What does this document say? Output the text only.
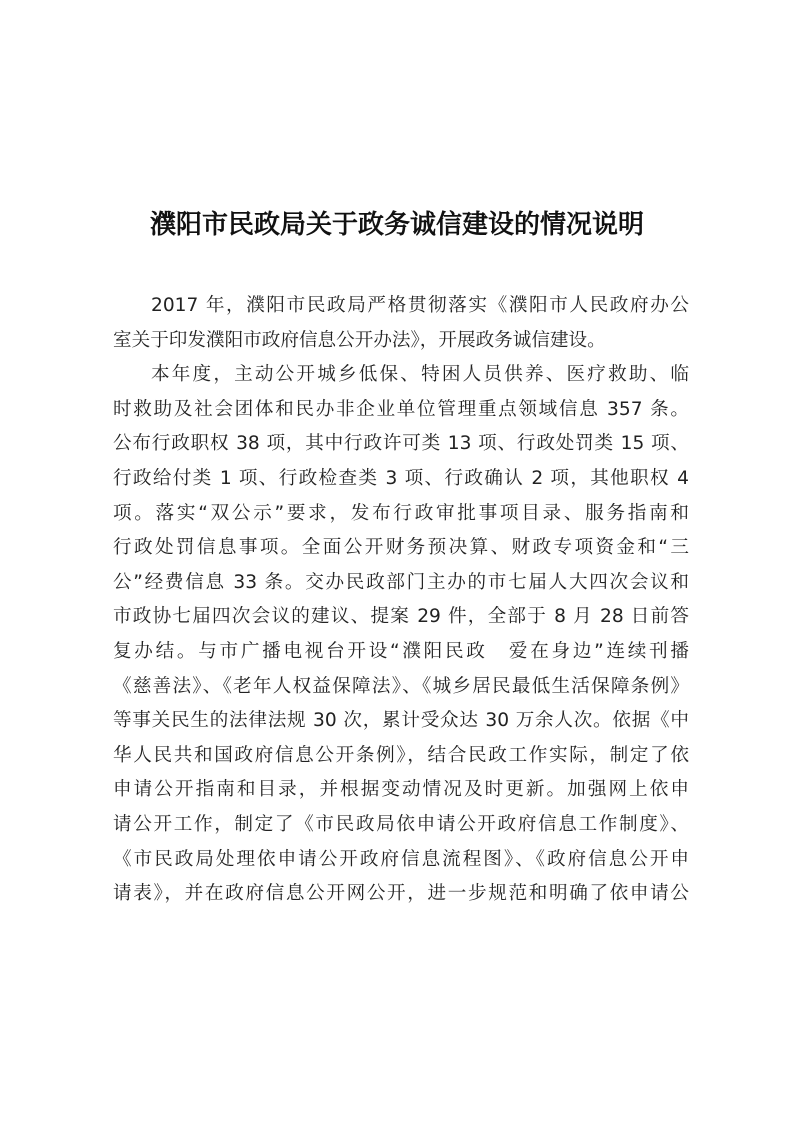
濮阳市民政局关于政务诚信建设的情况说明
2017 年，濮阳市民政局严格贯彻落实《濮阳市人民政府办公
室关于印发濮阳市政府信息公开办法》，开展政务诚信建设。
本年度，主动公开城乡低保、特困人员供养、医疗救助、临
时救助及社会团体和民办非企业单位管理重点领域信息 357 条。
公布行政职权 38 项，其中行政许可类 13 项、行政处罚类 15 项、
行政给付类 1 项、行政检查类 3 项、行政确认 2 项，其他职权 4
项。落实“双公示”要求，发布行政审批事项目录、服务指南和
行政处罚信息事项。全面公开财务预决算、财政专项资金和“三
公”经费信息 33 条。交办民政部门主办的市七届人大四次会议和
市政协七届四次会议的建议、提案 29 件，全部于 8 月 28 日前答
复办结。与市广播电视台开设“濮阳民政　爱在身边”连续刊播
《慈善法》、《老年人权益保障法》、《城乡居民最低生活保障条例》
等事关民生的法律法规 30 次，累计受众达 30 万余人次。依据《中
华人民共和国政府信息公开条例》，结合民政工作实际，制定了依
申请公开指南和目录，并根据变动情况及时更新。加强网上依申
请公开工作，制定了《市民政局依申请公开政府信息工作制度》、
《市民政局处理依申请公开政府信息流程图》、《政府信息公开申
请表》，并在政府信息公开网公开，进一步规范和明确了依申请公
